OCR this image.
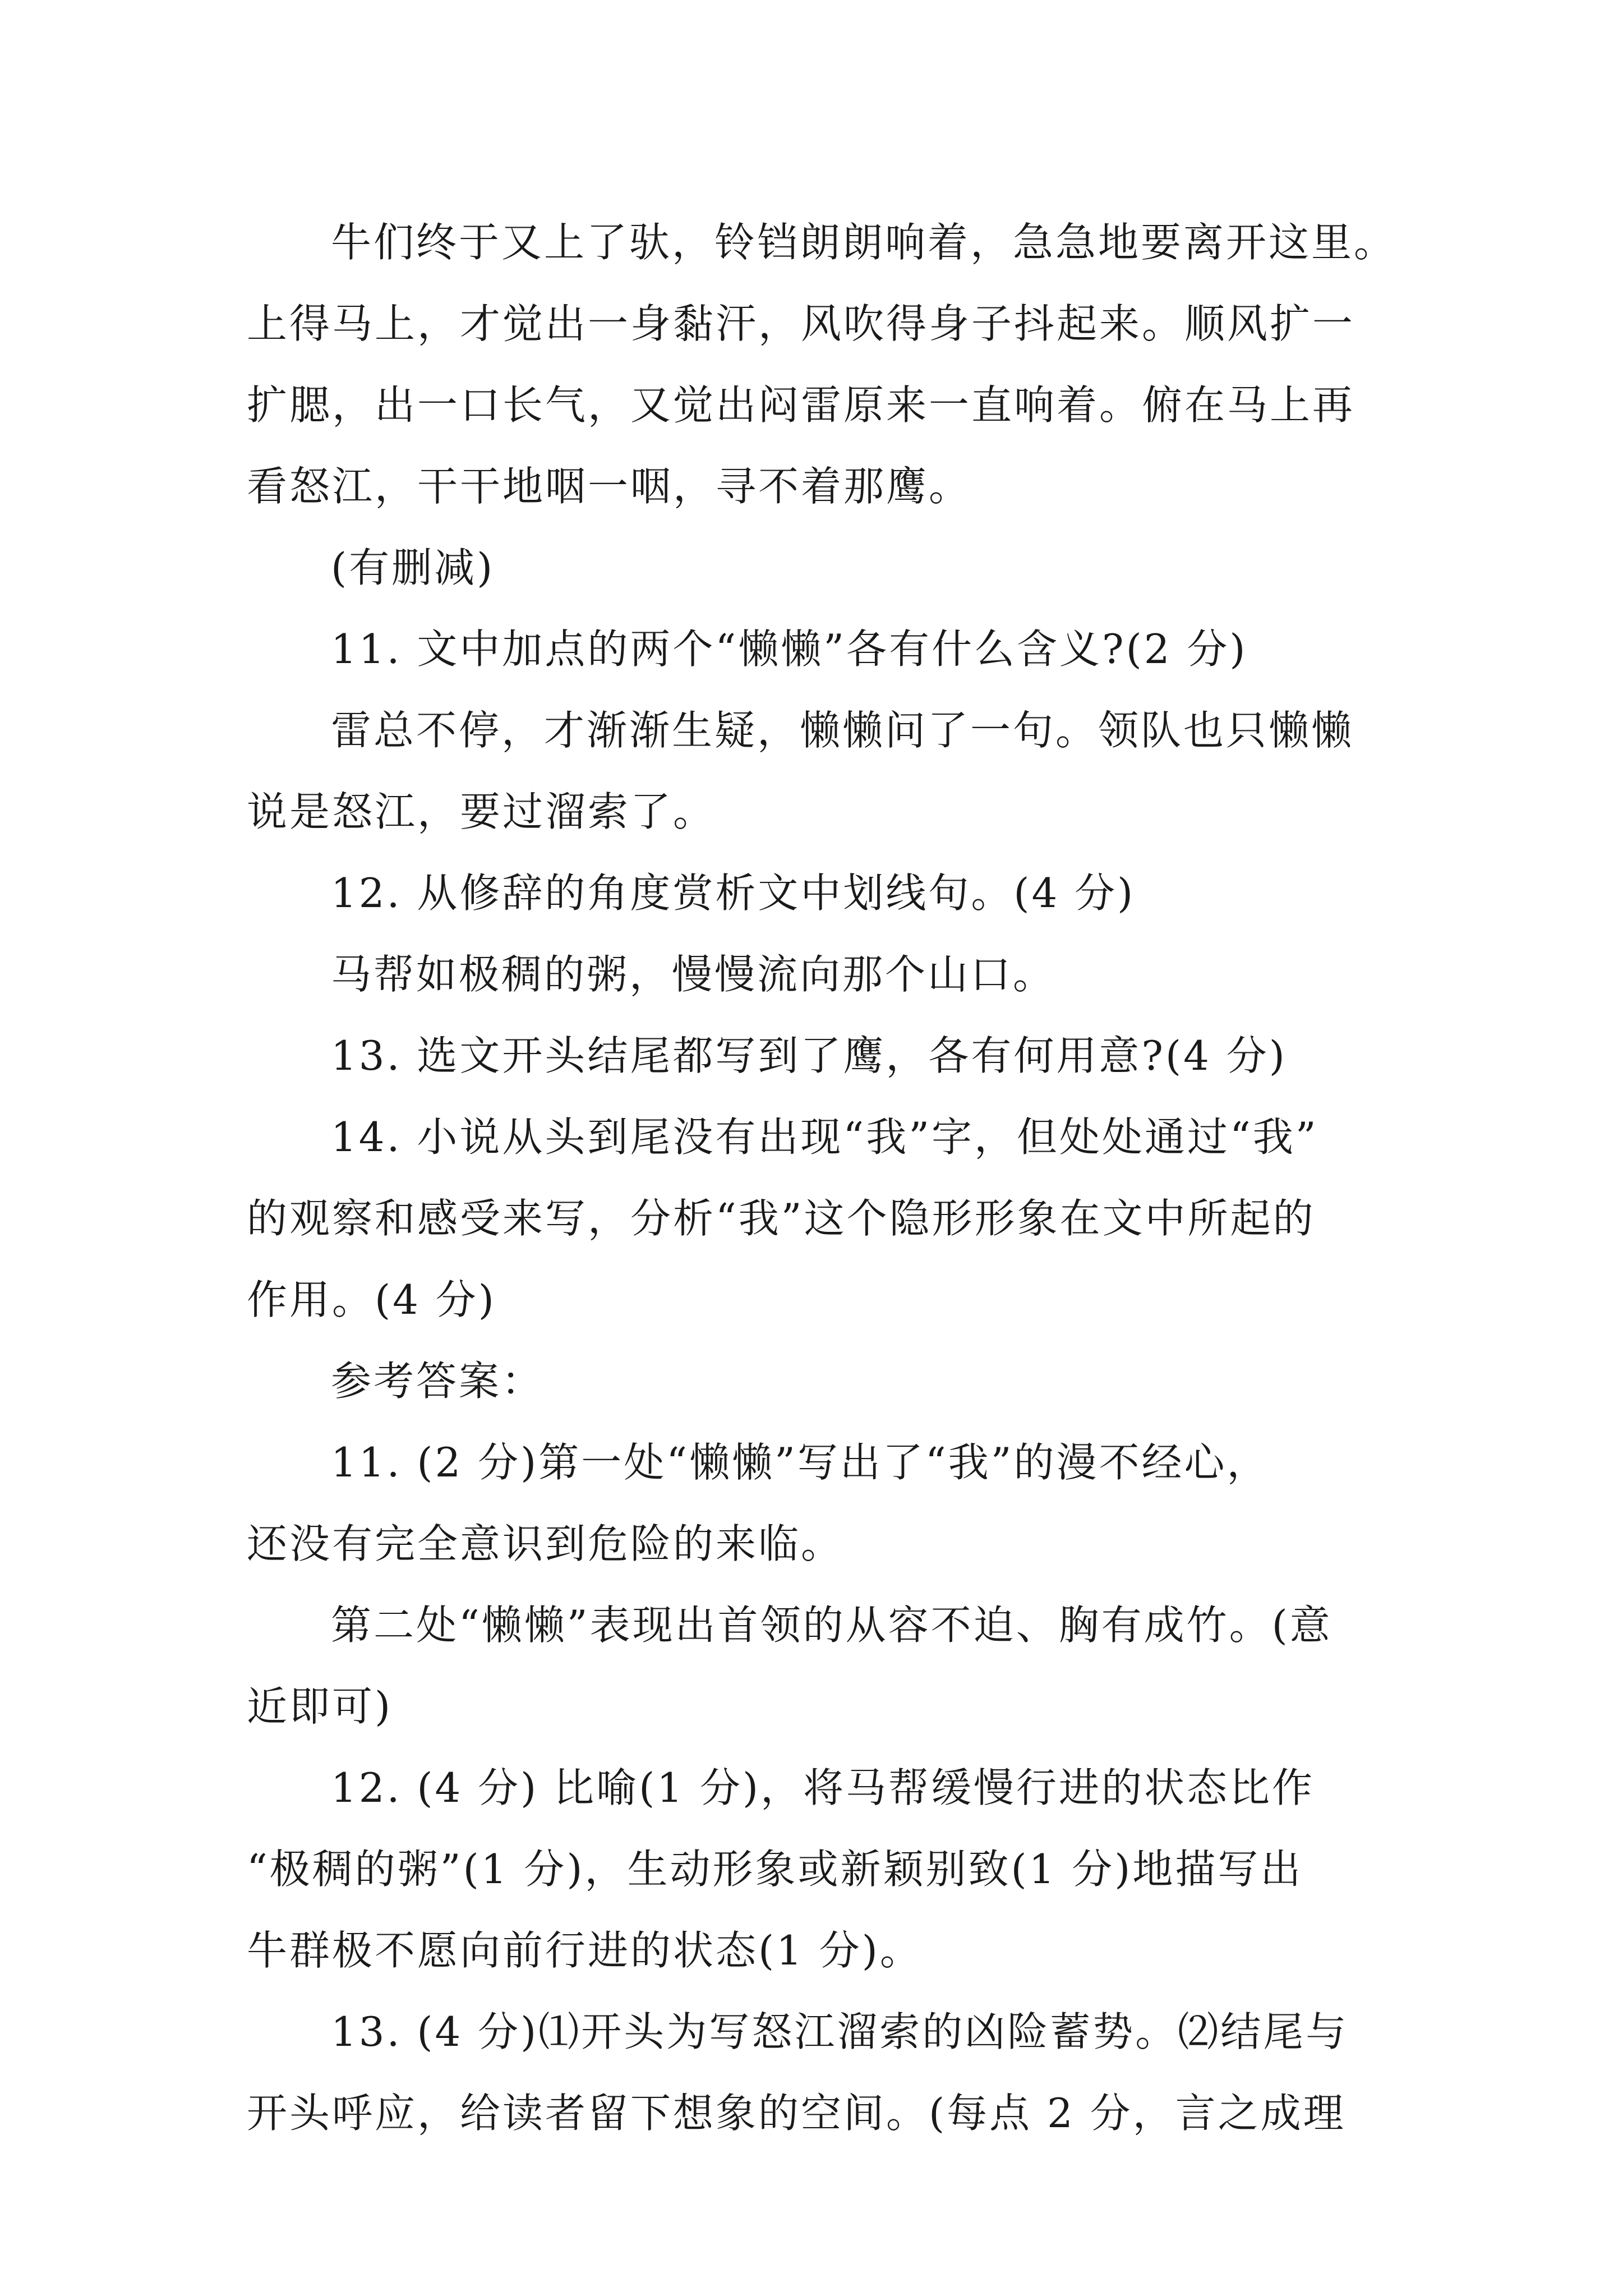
牛们终于又上了驮，铃铛朗朗响着，急急地要离开这里。
上得马上，才觉出一身黏汗，风吹得身子抖起来。顺风扩一
扩腮，出一口长气，又觉出闷雷原来一直响着。俯在马上再
看怒江，干干地咽一咽，寻不着那鹰。
(有删减)
11. 文中加点的两个“懒懒”各有什么含义?(2 分)
雷总不停，才渐渐生疑，懒懒问了一句。领队也只懒懒
说是怒江，要过溜索了。
12. 从修辞的角度赏析文中划线句。(4 分)
马帮如极稠的粥，慢慢流向那个山口。
13. 选文开头结尾都写到了鹰，各有何用意?(4 分)
14. 小说从头到尾没有出现“我”字，但处处通过“我”
的观察和感受来写，分析“我”这个隐形形象在文中所起的
作用。(4 分)
参考答案：
11. (2 分)第一处“懒懒”写出了“我”的漫不经心，
还没有完全意识到危险的来临。
第二处“懒懒”表现出首领的从容不迫、胸有成竹。(意
近即可)
12. (4 分) 比喻(1 分)，将马帮缓慢行进的状态比作
“极稠的粥”(1 分)，生动形象或新颖别致(1 分)地描写出
牛群极不愿向前行进的状态(1 分)。
13. (4 分)⑴开头为写怒江溜索的凶险蓄势。⑵结尾与
开头呼应，给读者留下想象的空间。(每点 2 分，言之成理
